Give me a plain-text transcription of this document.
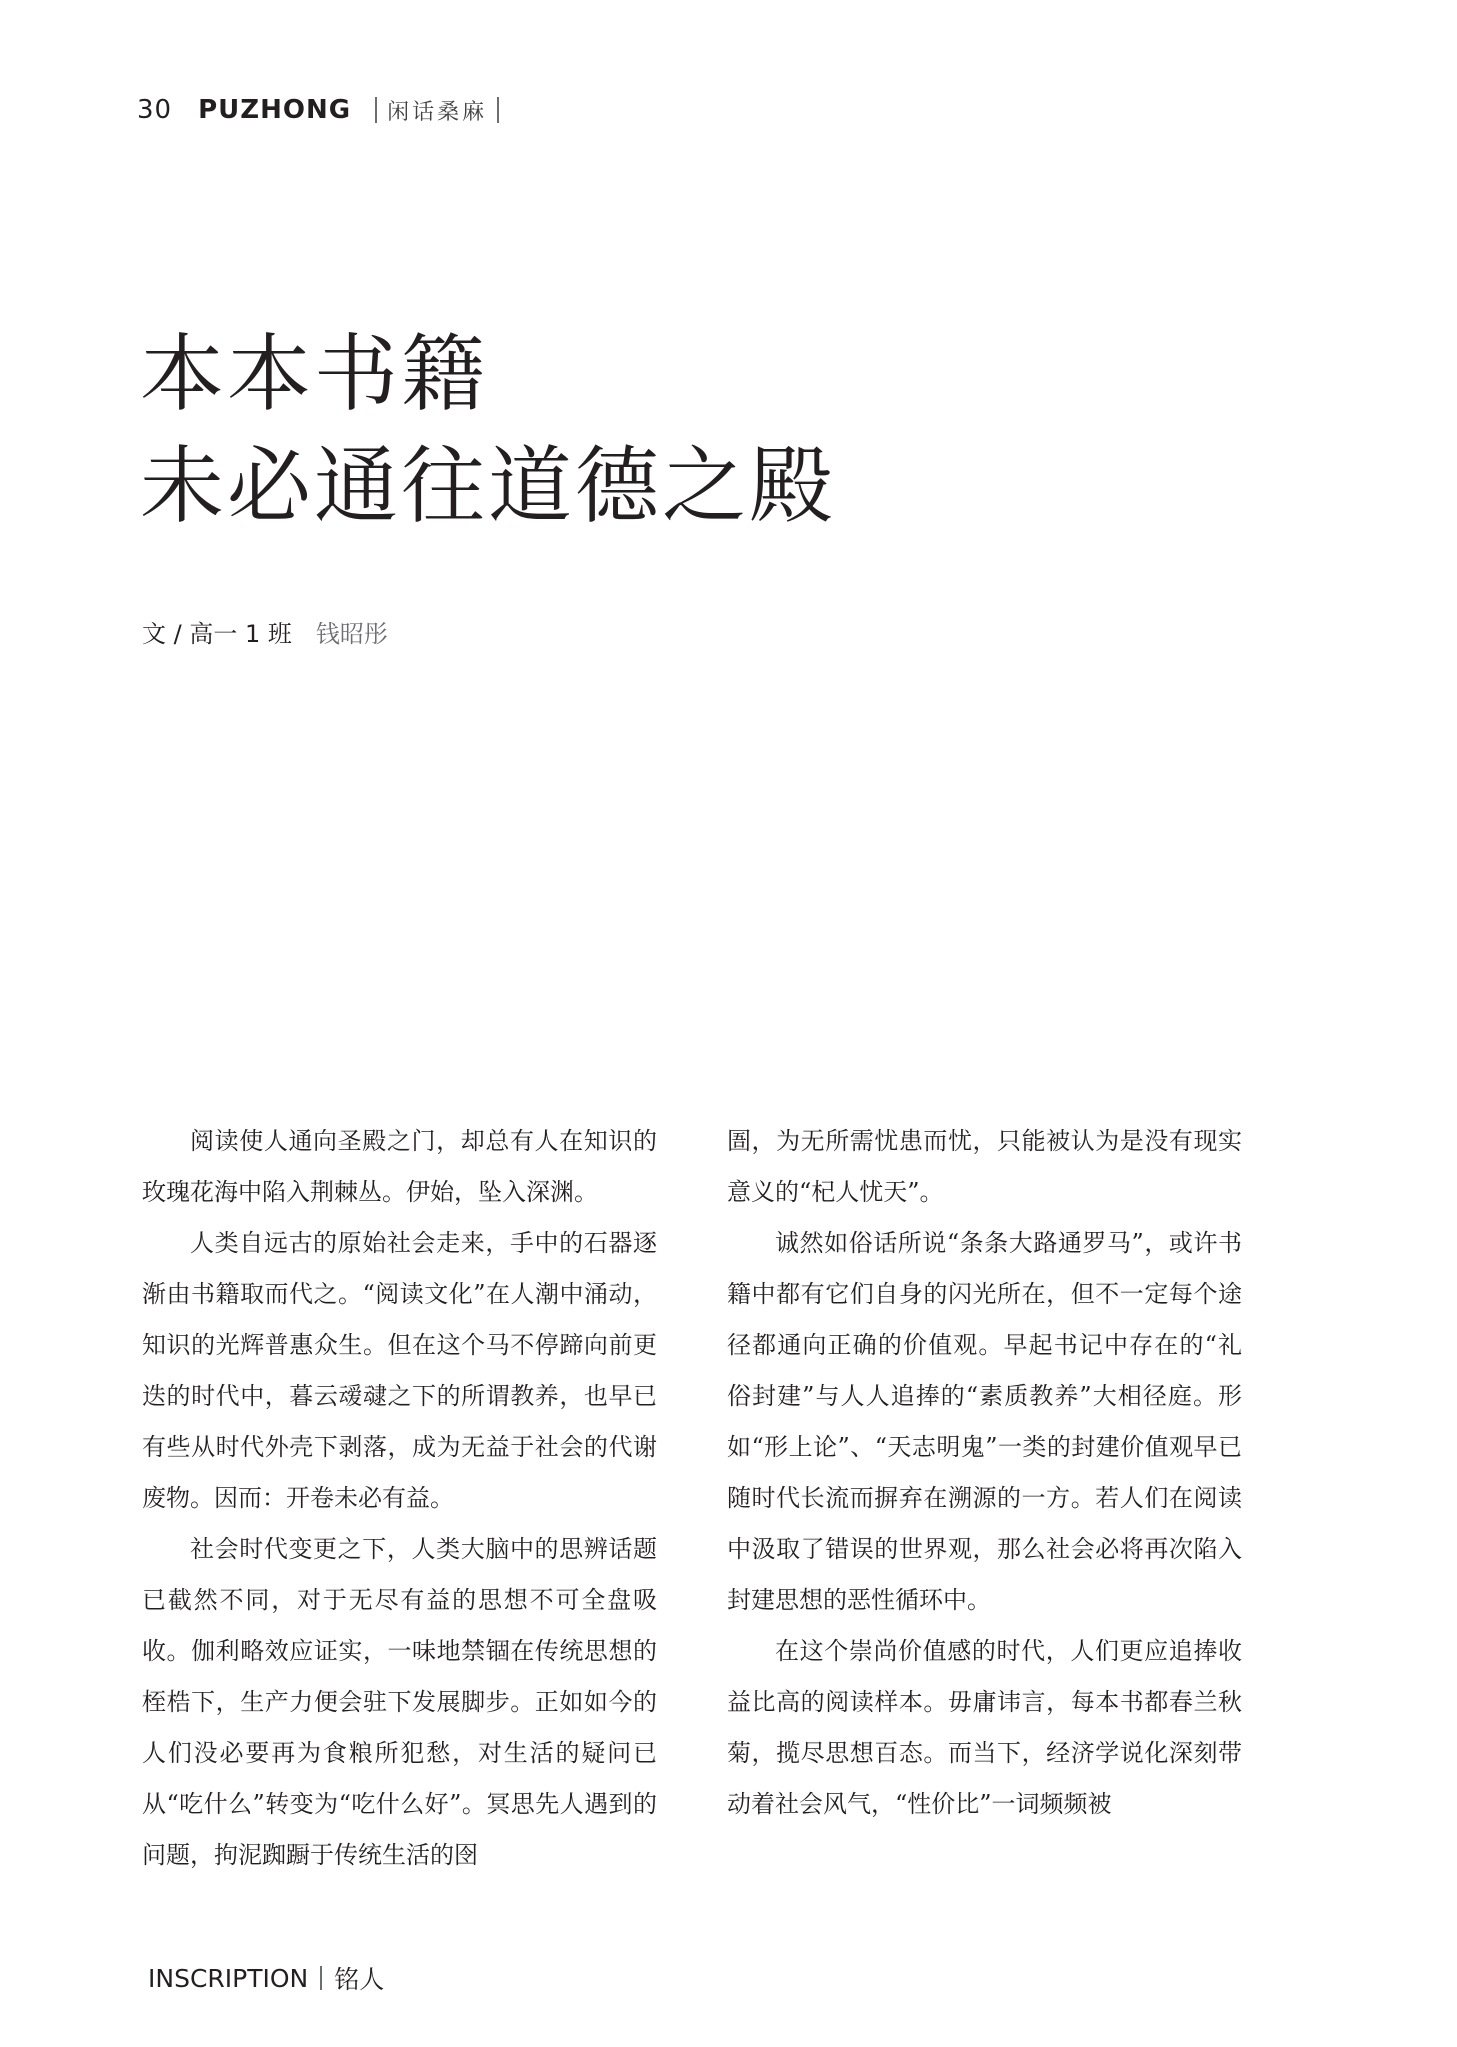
30 PUZHONG 闲话桑麻
本本书籍
未必通往道德之殿
文 / 高一 1 班 钱昭彤

阅读使人通向圣殿之门，却总有人在知识的玫瑰花海中陷入荆棘丛。伊始，坠入深渊。

人类自远古的原始社会走来，手中的石器逐渐由书籍取而代之。“阅读文化”在人潮中涌动，知识的光辉普惠众生。但在这个马不停蹄向前更迭的时代中，暮云叆叇之下的所谓教养，也早已有些从时代外壳下剥落，成为无益于社会的代谢废物。因而：开卷未必有益。

社会时代变更之下，人类大脑中的思辨话题已截然不同，对于无尽有益的思想不可全盘吸收。伽利略效应证实，一味地禁锢在传统思想的桎梏下，生产力便会驻下发展脚步。正如如今的人们没必要再为食粮所犯愁，对生活的疑问已从“吃什么”转变为“吃什么好”。冥思先人遇到的问题，拘泥踟蹰于传统生活的囹

圄，为无所需忧患而忧，只能被认为是没有现实意义的“杞人忧天”。

诚然如俗话所说“条条大路通罗马”，或许书籍中都有它们自身的闪光所在，但不一定每个途径都通向正确的价值观。早起书记中存在的“礼俗封建”与人人追捧的“素质教养”大相径庭。形如“形上论”、“天志明鬼”一类的封建价值观早已随时代长流而摒弃在溯源的一方。若人们在阅读中汲取了错误的世界观，那么社会必将再次陷入封建思想的恶性循环中。

在这个崇尚价值感的时代，人们更应追捧收益比高的阅读样本。毋庸讳言，每本书都春兰秋菊，揽尽思想百态。而当下，经济学说化深刻带动着社会风气，“性价比”一词频频被

INSCRIPTION 铭人
